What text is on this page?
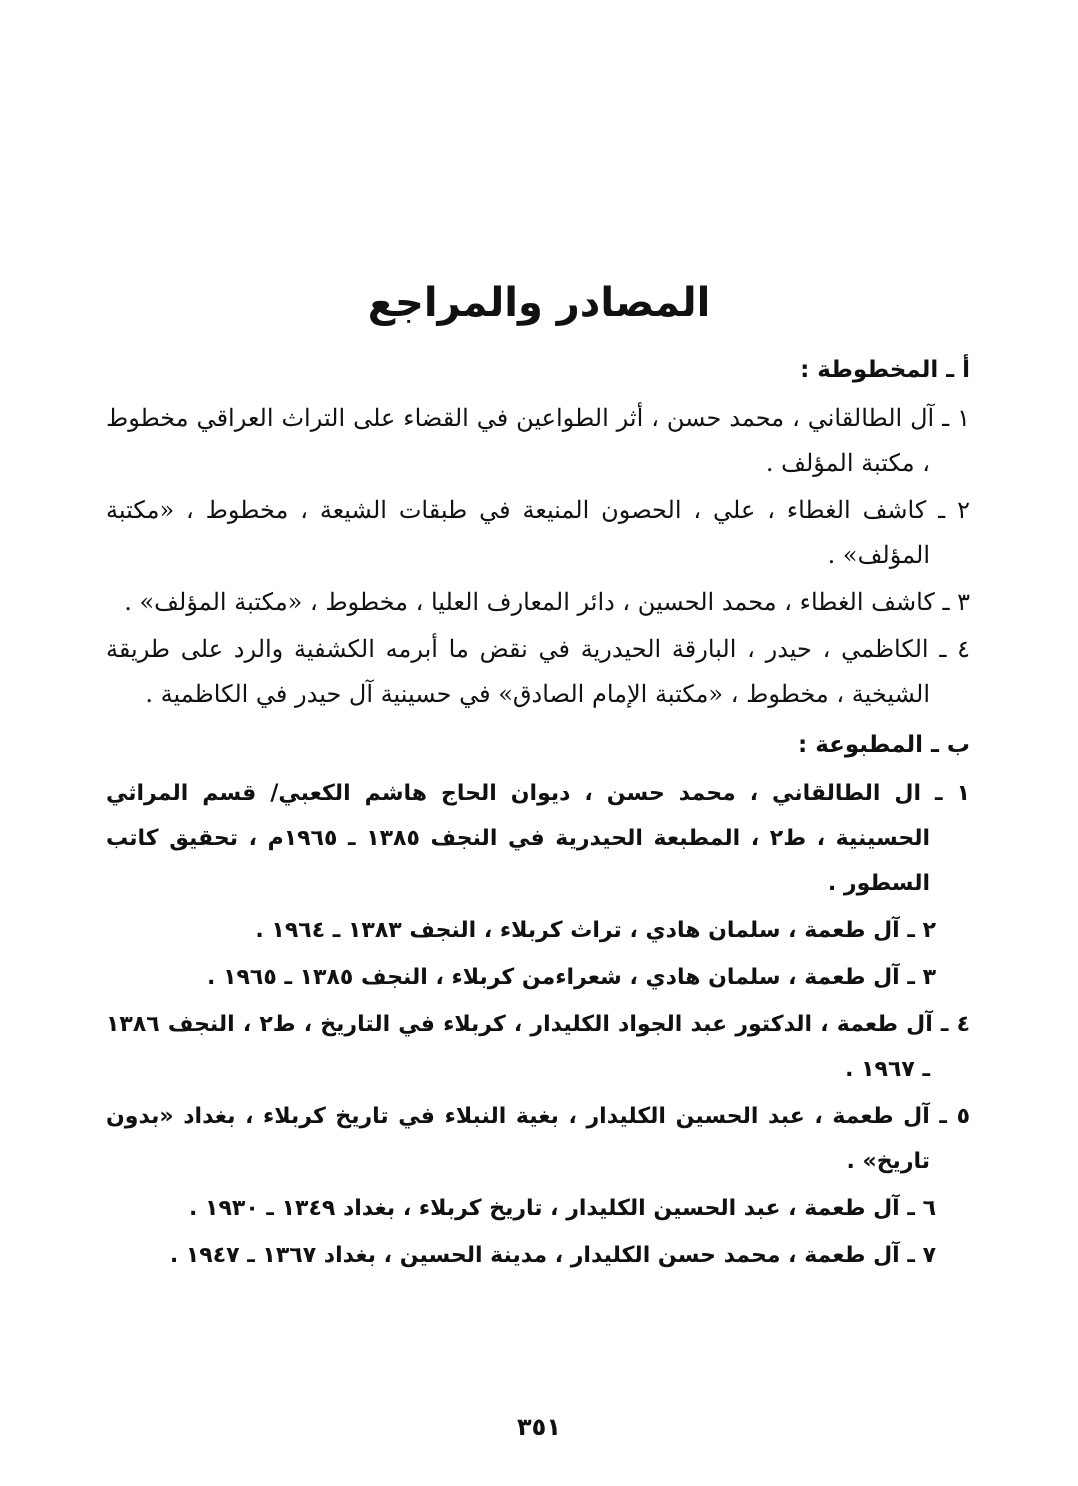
المصادر والمراجع
أ ـ المخطوطة :
١ ـ آل الطالقاني ، محمد حسن ، أثر الطواعين في القضاء على التراث العراقي مخطوط ، مكتبة المؤلف .
٢ ـ كاشف الغطاء ، علي ، الحصون المنيعة في طبقات الشيعة ، مخطوط ، «مكتبة المؤلف» .
٣ ـ كاشف الغطاء ، محمد الحسين ، دائر المعارف العليا ، مخطوط ، «مكتبة المؤلف» .
٤ ـ الكاظمي ، حيدر ، البارقة الحيدرية في نقض ما أبرمه الكشفية والرد على طريقة الشيخية ، مخطوط ، «مكتبة الإمام الصادق» في حسينية آل حيدر في الكاظمية .
ب ـ المطبوعة :
١ ـ ال الطالقاني ، محمد حسن ، ديوان الحاج هاشم الكعبي/ قسم المراثي الحسينية ، ط٢ ، المطبعة الحيدرية في النجف ١٣٨٥ ـ ١٩٦٥م ، تحقيق كاتب السطور .
٢ ـ آل طعمة ، سلمان هادي ، تراث كربلاء ، النجف ١٣٨٣ ـ ١٩٦٤ .
٣ ـ آل طعمة ، سلمان هادي ، شعراءمن كربلاء ، النجف ١٣٨٥ ـ ١٩٦٥ .
٤ ـ آل طعمة ، الدكتور عبد الجواد الكليدار ، كربلاء في التاريخ ، ط٢ ، النجف ١٣٨٦ ـ ١٩٦٧ .
٥ ـ آل طعمة ، عبد الحسين الكليدار ، بغية النبلاء في تاريخ كربلاء ، بغداد «بدون تاريخ» .
٦ ـ آل طعمة ، عبد الحسين الكليدار ، تاريخ كربلاء ، بغداد ١٣٤٩ ـ ١٩٣٠ .
٧ ـ آل طعمة ، محمد حسن الكليدار ، مدينة الحسين ، بغداد ١٣٦٧ ـ ١٩٤٧ .
٣٥١
